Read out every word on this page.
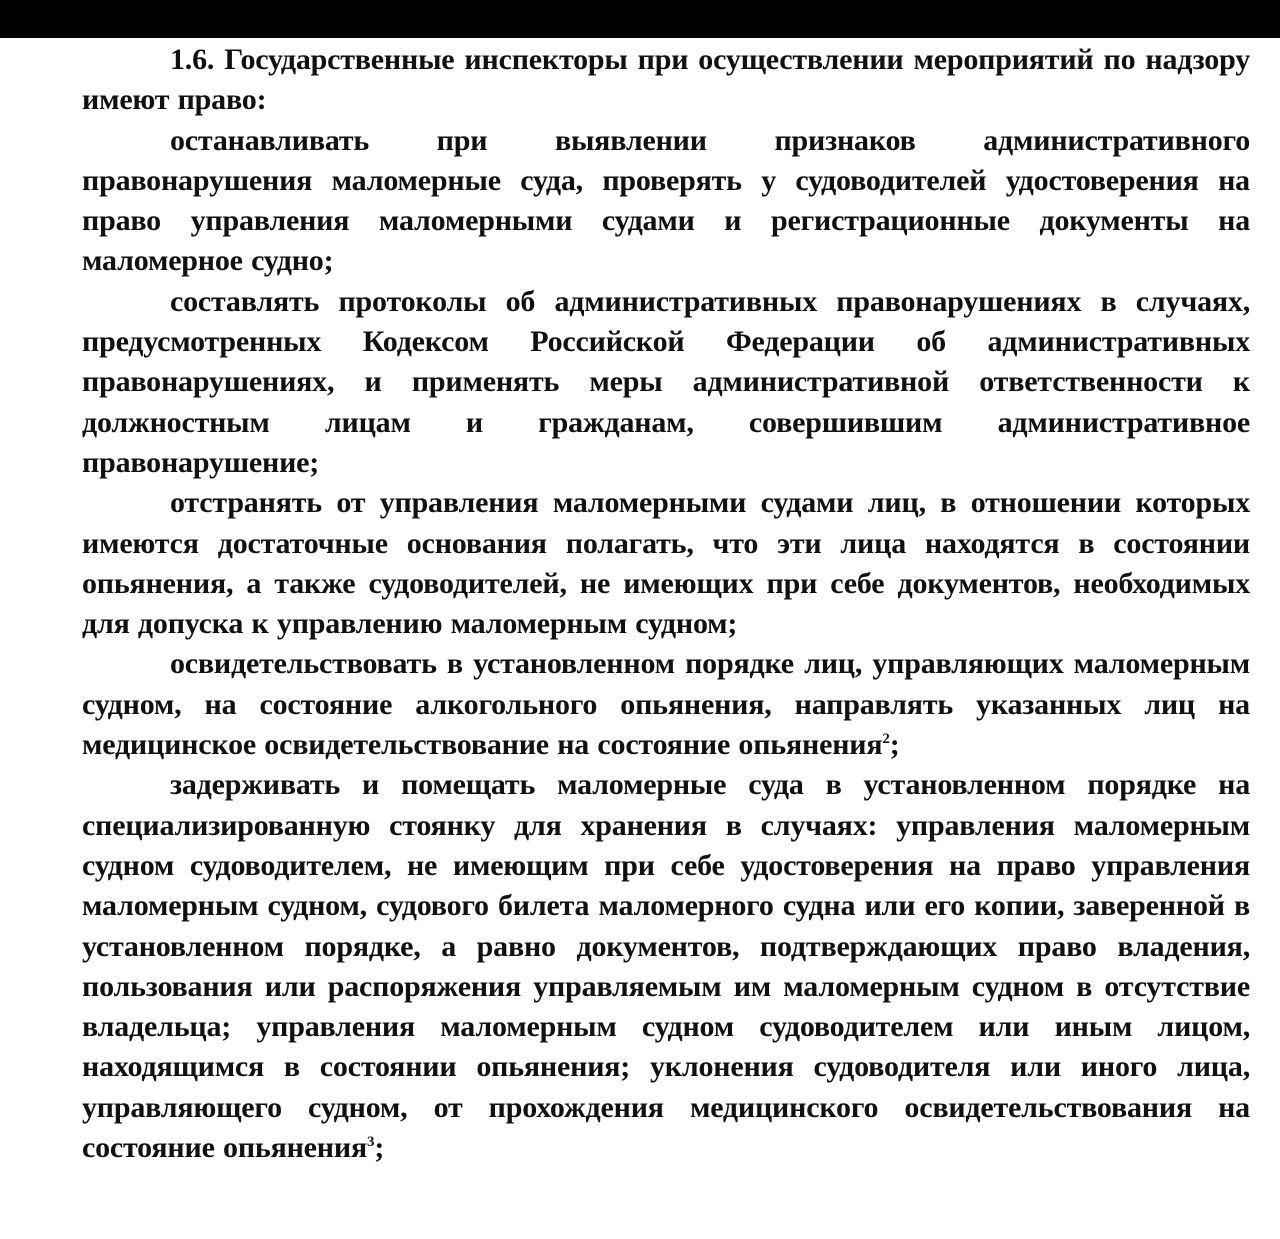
1.6. Государственные инспекторы при осуществлении мероприятий по надзору имеют право:

останавливать при выявлении признаков административного правонарушения маломерные суда, проверять у судоводителей удостоверения на право управления маломерными судами и регистрационные документы на маломерное судно;

составлять протоколы об административных правонарушениях в случаях, предусмотренных Кодексом Российской Федерации об административных правонарушениях, и применять меры административной ответственности к должностным лицам и гражданам, совершившим административное правонарушение;

отстранять от управления маломерными судами лиц, в отношении которых имеются достаточные основания полагать, что эти лица находятся в состоянии опьянения, а также судоводителей, не имеющих при себе документов, необходимых для допуска к управлению маломерным судном;

освидетельствовать в установленном порядке лиц, управляющих маломерным судном, на состояние алкогольного опьянения, направлять указанных лиц на медицинское освидетельствование на состояние опьянения$^2$;

задерживать и помещать маломерные суда в установленном порядке на специализированную стоянку для хранения в случаях: управления маломерным судном судоводителем, не имеющим при себе удостоверения на право управления маломерным судном, судового билета маломерного судна или его копии, заверенной в установленном порядке, а равно документов, подтверждающих право владения, пользования или распоряжения управляемым им маломерным судном в отсутствие владельца; управления маломерным судном судоводителем или иным лицом, находящимся в состоянии опьянения; уклонения судоводителя или иного лица, управляющего судном, от прохождения медицинского освидетельствования на состояние опьянения$^3$;
